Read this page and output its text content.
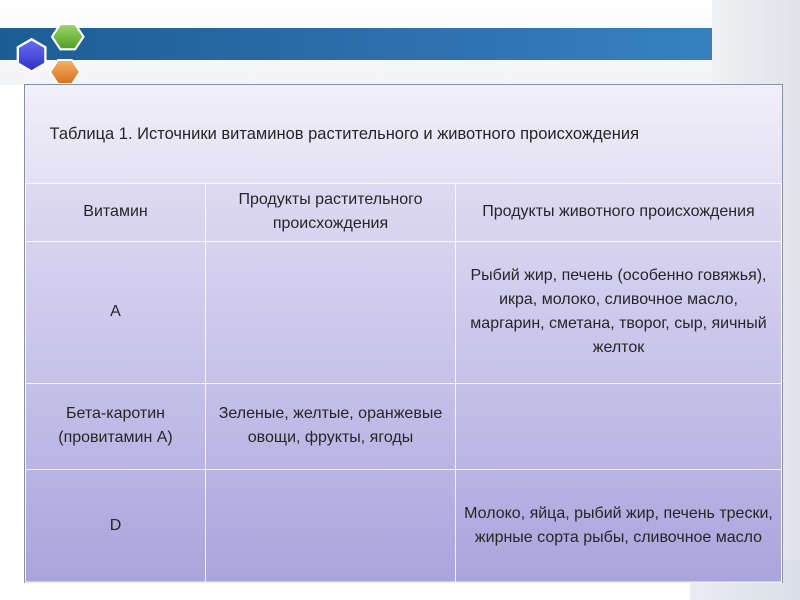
Таблица 1. Источники витаминов растительного и животного происхождения		
Витамин	Продукты растительного происхождения	Продукты животного происхождения
A		Рыбий жир, печень (особенно говяжья), икра, молоко, сливочное масло, маргарин, сметана, творог, сыр, яичный желток
Бета-каротин (провитамин А)	Зеленые, желтые, оранжевые овощи, фрукты, ягоды	
D		Молоко, яйца, рыбий жир, печень трески, жирные сорта рыбы, сливочное масло
